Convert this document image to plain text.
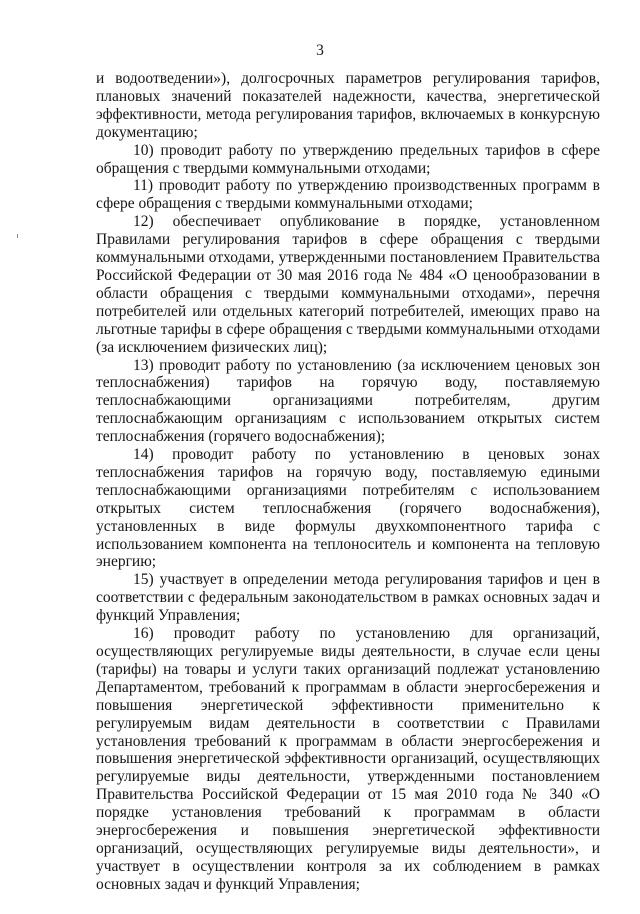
3

и водоотведении»), долгосрочных параметров регулирования тарифов, плановых значений показателей надежности, качества, энергетической эффективности, метода регулирования тарифов, включаемых в конкурсную документацию;

10) проводит работу по утверждению предельных тарифов в сфере обращения с твердыми коммунальными отходами;

11) проводит работу по утверждению производственных программ в сфере обращения с твердыми коммунальными отходами;

12) обеспечивает опубликование в порядке, установленном Правилами регулирования тарифов в сфере обращения с твердыми коммунальными отходами, утвержденными постановлением Правительства Российской Федерации от 30 мая 2016 года № 484 «О ценообразовании в области обращения с твердыми коммунальными отходами», перечня потребителей или отдельных категорий потребителей, имеющих право на льготные тарифы в сфере обращения с твердыми коммунальными отходами (за исключением физических лиц);

13) проводит работу по установлению (за исключением ценовых зон теплоснабжения) тарифов на горячую воду, поставляемую теплоснабжающими организациями потребителям, другим теплоснабжающим организациям с использованием открытых систем теплоснабжения (горячего водоснабжения);

14) проводит работу по установлению в ценовых зонах теплоснабжения тарифов на горячую воду, поставляемую едиными теплоснабжающими организациями потребителям с использованием открытых систем теплоснабжения (горячего водоснабжения), установленных в виде формулы двухкомпонентного тарифа с использованием компонента на теплоноситель и компонента на тепловую энергию;

15) участвует в определении метода регулирования тарифов и цен в соответствии с федеральным законодательством в рамках основных задач и функций Управления;

16) проводит работу по установлению для организаций, осуществляющих регулируемые виды деятельности, в случае если цены (тарифы) на товары и услуги таких организаций подлежат установлению Департаментом, требований к программам в области энергосбережения и повышения энергетической эффективности применительно к регулируемым видам деятельности в соответствии с Правилами установления требований к программам в области энергосбережения и повышения энергетической эффективности организаций, осуществляющих регулируемые виды деятельности, утвержденными постановлением Правительства Российской Федерации от 15 мая 2010 года № 340 «О порядке установления требований к программам в области энергосбережения и повышения энергетической эффективности организаций, осуществляющих регулируемые виды деятельности», и участвует в осуществлении контроля за их соблюдением в рамках основных задач и функций Управления;
